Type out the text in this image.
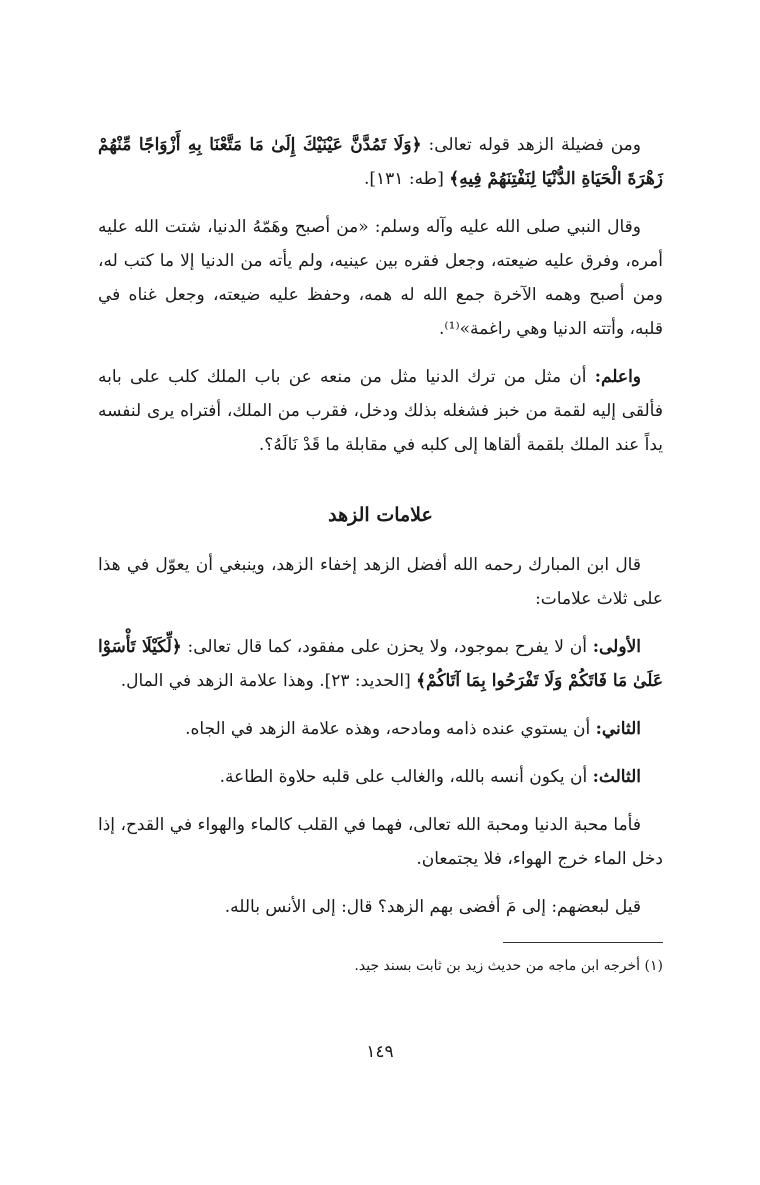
ومن فضيلة الزهد قوله تعالى: ﴿وَلَا تَمُدَّنَّ عَيْنَيْكَ إِلَىٰ مَا مَتَّعْنَا بِهِ أَزْوَاجًا مِّنْهُمْ زَهْرَةَ الْحَيَاةِ الدُّنْيَا لِنَفْتِنَهُمْ فِيهِ﴾ [طه: ١٣١].

وقال النبي صلى الله عليه وآله وسلم: «من أصبح وهَمّهُ الدنيا، شتت الله عليه أمره، وفرق عليه ضيعته، وجعل فقره بين عينيه، ولم يأته من الدنيا إلا ما كتب له، ومن أصبح وهمه الآخرة جمع الله له همه، وحفظ عليه ضيعته، وجعل غناه في قلبه، وأتته الدنيا وهي راغمة»⁽¹⁾.

واعلم: أن مثل من ترك الدنيا مثل من منعه عن باب الملك كلب على بابه فألقى إليه لقمة من خبز فشغله بذلك ودخل، فقرب من الملك، أفتراه يرى لنفسه يداً عند الملك بلقمة ألقاها إلى كلبه في مقابلة ما قَدْ نَالَهُ؟.

علامات الزهد

قال ابن المبارك رحمه الله أفضل الزهد إخفاء الزهد، وينبغي أن يعوّل في هذا على ثلاث علامات:

الأولى: أن لا يفرح بموجود، ولا يحزن على مفقود، كما قال تعالى: ﴿لِّكَيْلَا تَأْسَوْا عَلَىٰ مَا فَاتَكُمْ وَلَا تَفْرَحُوا بِمَا آتَاكُمْ﴾ [الحديد: ٢٣]. وهذا علامة الزهد في المال.

الثاني: أن يستوي عنده ذامه ومادحه، وهذه علامة الزهد في الجاه.

الثالث: أن يكون أنسه بالله، والغالب على قلبه حلاوة الطاعة.

فأما محبة الدنيا ومحبة الله تعالى، فهما في القلب كالماء والهواء في القدح، إذا دخل الماء خرج الهواء، فلا يجتمعان.

قيل لبعضهم: إلى مَ أفضى بهم الزهد؟ قال: إلى الأنس بالله.

(١) أخرجه ابن ماجه من حديث زيد بن ثابت بسند جيد.

١٤٩
